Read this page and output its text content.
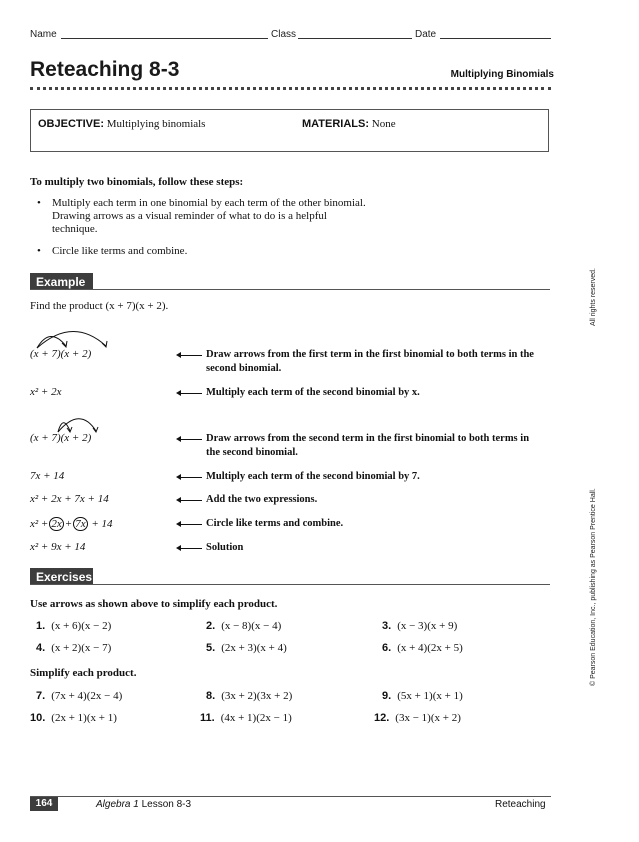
Name	Class	Date
Reteaching 8-3	Multiplying Binomials
OBJECTIVE: Multiplying binomials	MATERIALS: None
To multiply two binomials, follow these steps:
• Multiply each term in one binomial by each term of the other binomial.
Drawing arrows as a visual reminder of what to do is a helpful
technique.
• Circle like terms and combine.
Example
Find the product (x + 7)(x + 2).
(x + 7)(x + 2)	Draw arrows from the first term in the first binomial to both terms in the
second binomial.
x² + 2x	Multiply each term of the second binomial by x.
(x + 7)(x + 2)	Draw arrows from the second term in the first binomial to both terms in
the second binomial.
7x + 14	Multiply each term of the second binomial by 7.
x² + 2x + 7x + 14	Add the two expressions.
x² + 2x + 7x + 14	Circle like terms and combine.
x² + 9x + 14	Solution
Exercises
Use arrows as shown above to simplify each product.
1. (x + 6)(x − 2)	2. (x − 8)(x − 4)	3. (x − 3)(x + 9)
4. (x + 2)(x − 7)	5. (2x + 3)(x + 4)	6. (x + 4)(2x + 5)
Simplify each product.
7. (7x + 4)(2x − 4)	8. (3x + 2)(3x + 2)	9. (5x + 1)(x + 1)
10. (2x + 1)(x + 1)	11. (4x + 1)(2x − 1)	12. (3x − 1)(x + 2)
All rights reserved.
© Pearson Education, Inc., publishing as Pearson Prentice Hall.
164	Algebra 1 Lesson 8-3	Reteaching
